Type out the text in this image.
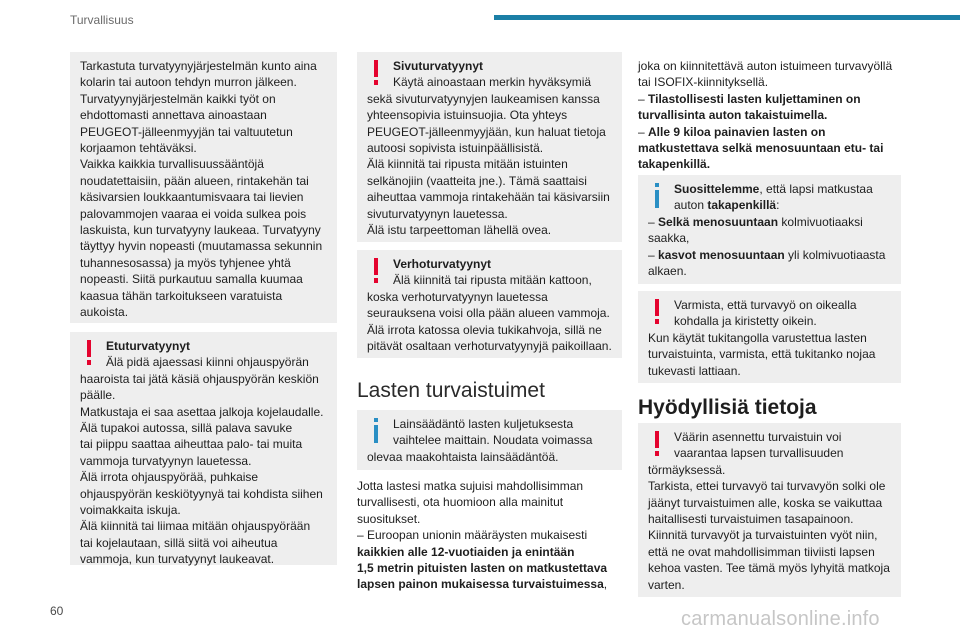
Turvallisuus

Tarkastuta turvatyynyjärjestelmän kunto aina

kolarin tai autoon tehdyn murron jälkeen.

Turvatyynyjärjestelmän kaikki työt on

ehdottomasti annettava ainoastaan

PEUGEOT-jälleenmyyjän tai valtuutetun

korjaamon tehtäväksi.

Vaikka kaikkia turvallisuussääntöjä

noudatettaisiin, pään alueen, rintakehän tai

käsivarsien loukkaantumisvaara tai lievien

palovammojen vaaraa ei voida sulkea pois

laskuista, kun turvatyyny laukeaa. Turvatyyny

täyttyy hyvin nopeasti (muutamassa sekunnin

tuhannesosassa) ja myös tyhjenee yhtä

nopeasti. Siitä purkautuu samalla kuumaa

kaasua tähän tarkoitukseen varatuista

aukoista.

Etuturvatyynyt

Älä pidä ajaessasi kiinni ohjauspyörän

haaroista tai jätä käsiä ohjauspyörän keskiön

päälle.

Matkustaja ei saa asettaa jalkoja kojelaudalle.

Älä tupakoi autossa, sillä palava savuke

tai piippu saattaa aiheuttaa palo- tai muita

vammoja turvatyynyn lauetessa.

Älä irrota ohjauspyörää, puhkaise

ohjauspyörän keskiötyynyä tai kohdista siihen

voimakkaita iskuja.

Älä kiinnitä tai liimaa mitään ohjauspyörään

tai kojelautaan, sillä siitä voi aiheutua

vammoja, kun turvatyynyt laukeavat.

Sivuturvatyynyt

Käytä ainoastaan merkin hyväksymiä

sekä sivuturvatyynyjen laukeamisen kanssa

yhteensopivia istuinsuojia. Ota yhteys

PEUGEOT-jälleenmyyjään, kun haluat tietoja

autoosi sopivista istuinpäällisistä.

Älä kiinnitä tai ripusta mitään istuinten

selkänojiin (vaatteita jne.). Tämä saattaisi

aiheuttaa vammoja rintakehään tai käsivarsiin

sivuturvatyynyn lauetessa.

Älä istu tarpeettoman lähellä ovea.

Verhoturvatyynyt

Älä kiinnitä tai ripusta mitään kattoon,

koska verhoturvatyynyn lauetessa

seurauksena voisi olla pään alueen vammoja.

Älä irrota katossa olevia tukikahvoja, sillä ne

pitävät osaltaan verhoturvatyynyjä paikoillaan.

Lasten turvaistuimet

Lainsäädäntö lasten kuljetuksesta

vaihtelee maittain. Noudata voimassa

olevaa maakohtaista lainsäädäntöä.

Jotta lastesi matka sujuisi mahdollisimman

turvallisesti, ota huomioon alla mainitut

suositukset.

– Euroopan unionin määräysten mukaisesti

kaikkien alle 12-vuotiaiden ja enintään

1,5 metrin pituisten lasten on matkustettava

lapsen painon mukaisessa turvaistuimessa

,

joka on kiinnitettävä auton istuimeen turvavyöllä

tai ISOFIX-kiinnityksellä.

– Tilastollisesti lasten kuljettaminen on

turvallisinta auton takaistuimella.

– Alle 9 kiloa painavien lasten on

matkustettava selkä menosuuntaan etu- tai

takapenkillä.

Suosittelemme, että lapsi matkustaa

auton takapenkillä:

– Selkä menosuuntaan kolmivuotiaaksi

saakka,

– kasvot menosuuntaan yli kolmivuotiaasta

alkaen.

Varmista, että turvavyö on oikealla

kohdalla ja kiristetty oikein.

Kun käytät tukitangolla varustettua lasten

turvaistuinta, varmista, että tukitanko nojaa

tukevasti lattiaan.

Hyödyllisiä tietoja

Väärin asennettu turvaistuin voi

vaarantaa lapsen turvallisuuden

törmäyksessä.

Tarkista, ettei turvavyö tai turvavyön solki ole

jäänyt turvaistuimen alle, koska se vaikuttaa

haitallisesti turvaistuimen tasapainoon.

Kiinnitä turvavyöt ja turvaistuinten vyöt niin,

että ne ovat mahdollisimman tiiviisti lapsen

kehoa vasten. Tee tämä myös lyhyitä matkoja

varten.

60	carmanualsonline.info
